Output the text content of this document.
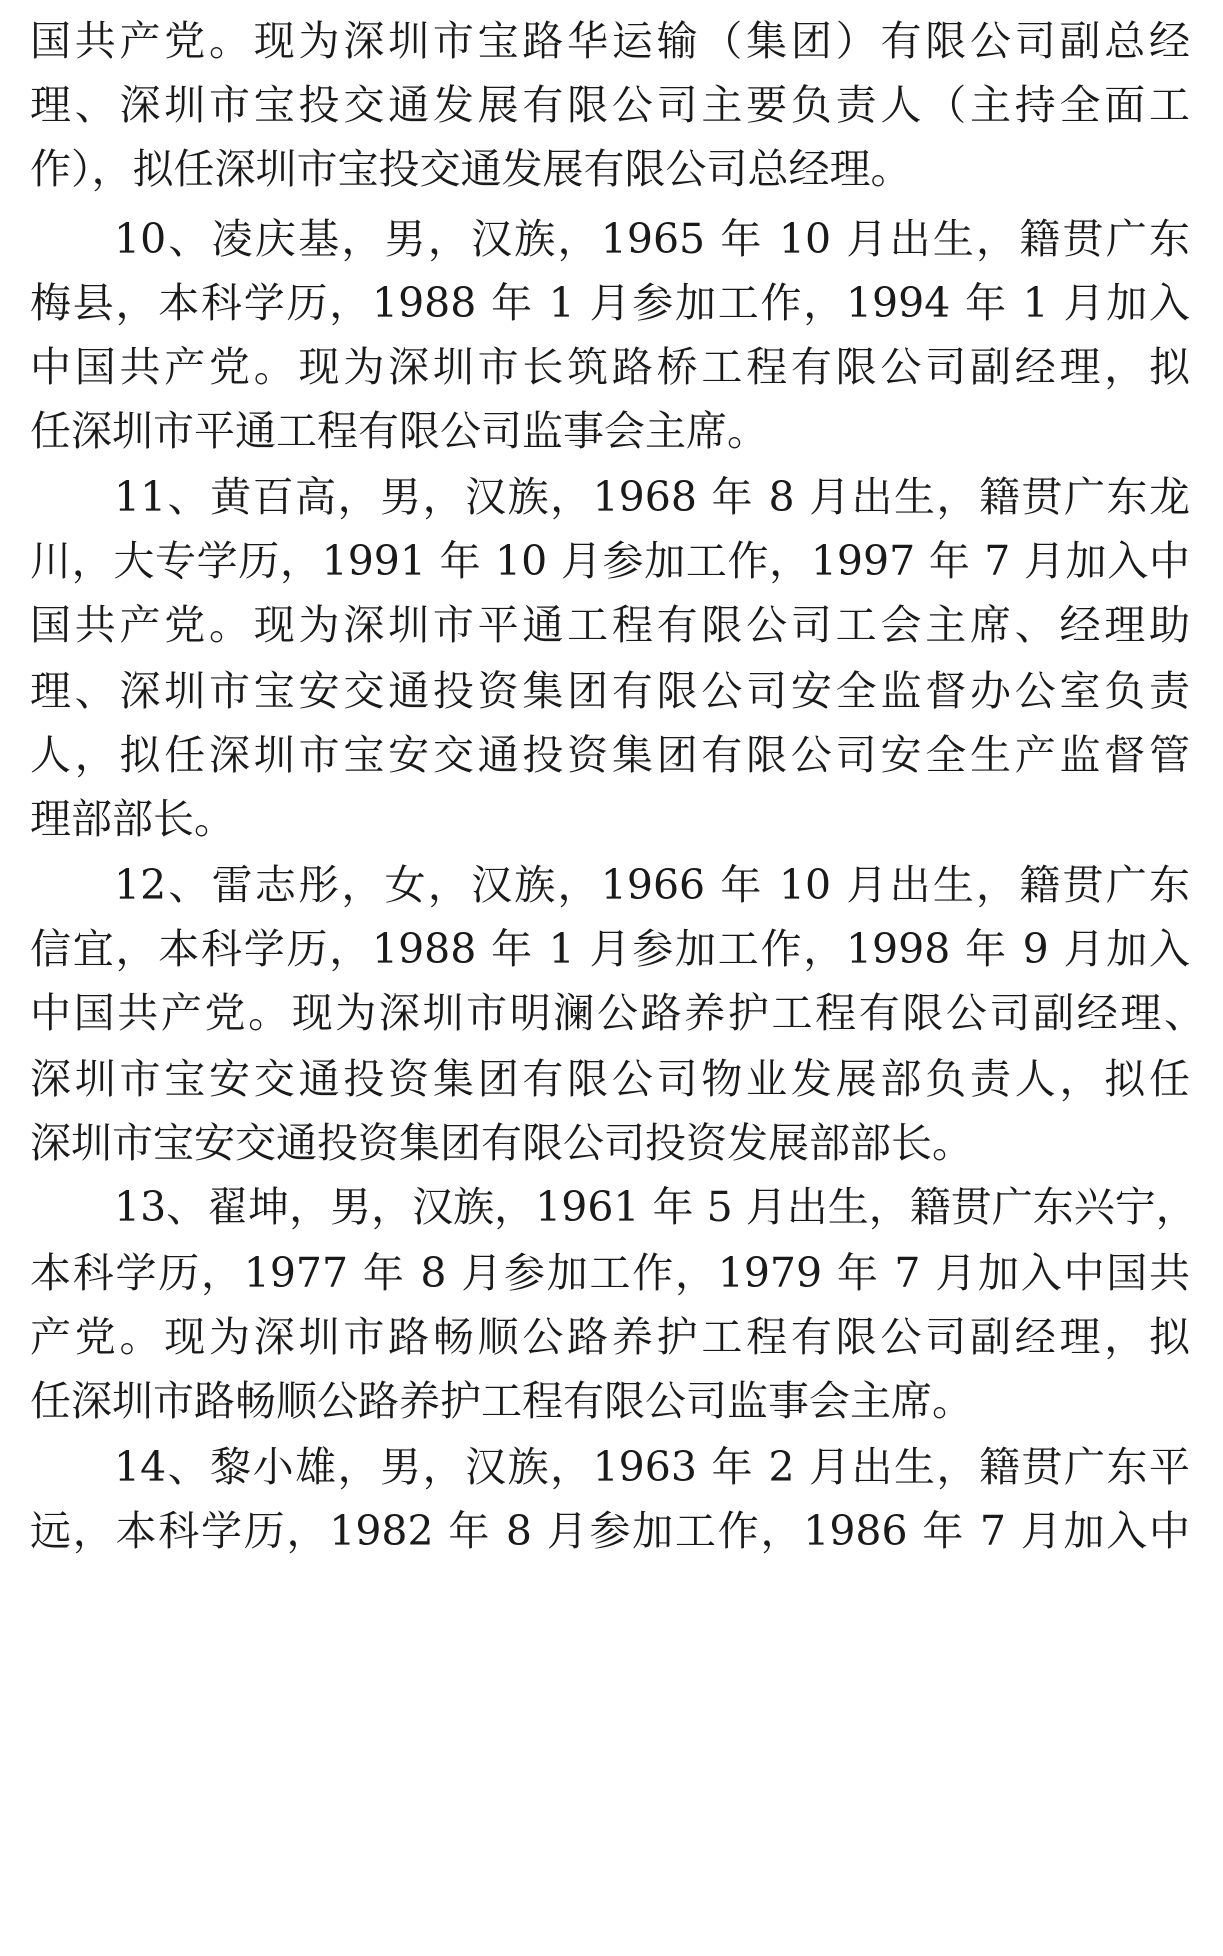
国共产党。现为深圳市宝路华运输（集团）有限公司副总经
理、深圳市宝投交通发展有限公司主要负责人（主持全面工
作），拟任深圳市宝投交通发展有限公司总经理。
10、凌庆基，男，汉族，1965 年 10 月出生，籍贯广东
梅县，本科学历，1988 年 1 月参加工作，1994 年 1 月加入
中国共产党。现为深圳市长筑路桥工程有限公司副经理，拟
任深圳市平通工程有限公司监事会主席。
11、黄百高，男，汉族，1968 年 8 月出生，籍贯广东龙
川，大专学历，1991 年 10 月参加工作，1997 年 7 月加入中
国共产党。现为深圳市平通工程有限公司工会主席、经理助
理、深圳市宝安交通投资集团有限公司安全监督办公室负责
人，拟任深圳市宝安交通投资集团有限公司安全生产监督管
理部部长。
12、雷志彤，女，汉族，1966 年 10 月出生，籍贯广东
信宜，本科学历，1988 年 1 月参加工作，1998 年 9 月加入
中国共产党。现为深圳市明澜公路养护工程有限公司副经理、
深圳市宝安交通投资集团有限公司物业发展部负责人，拟任
深圳市宝安交通投资集团有限公司投资发展部部长。
13、翟坤，男，汉族，1961 年 5 月出生，籍贯广东兴宁，
本科学历，1977 年 8 月参加工作，1979 年 7 月加入中国共
产党。现为深圳市路畅顺公路养护工程有限公司副经理，拟
任深圳市路畅顺公路养护工程有限公司监事会主席。
14、黎小雄，男，汉族，1963 年 2 月出生，籍贯广东平
远，本科学历，1982 年 8 月参加工作，1986 年 7 月加入中
